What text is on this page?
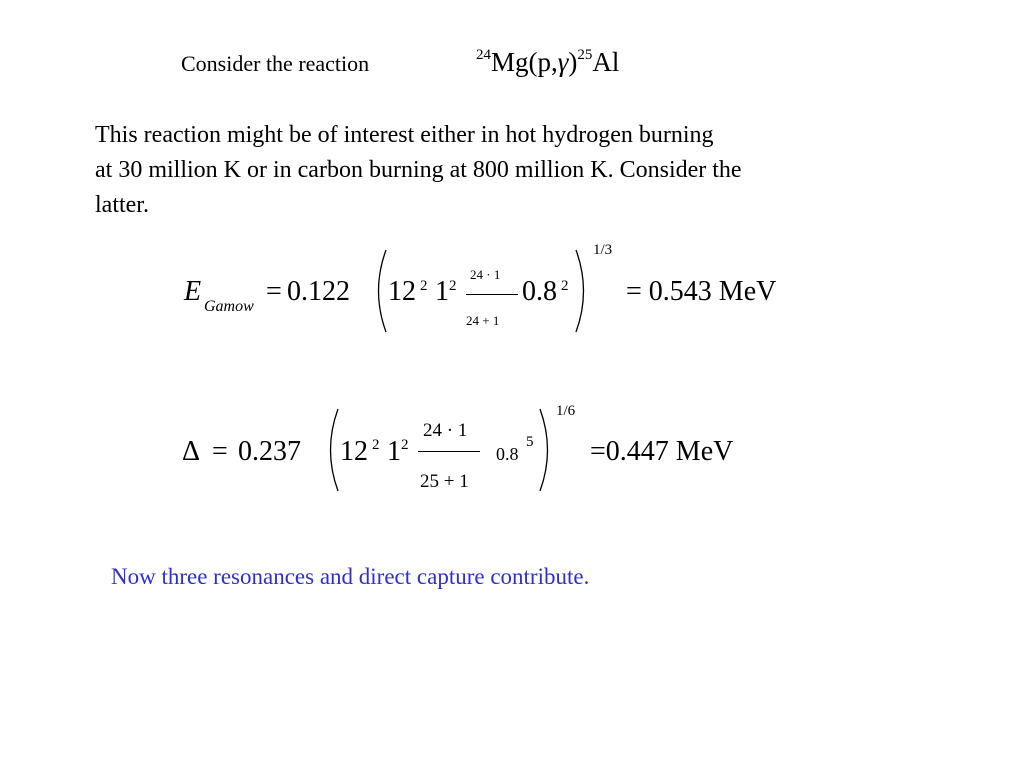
Consider the reaction	$^{24}Mg(p,\gamma)^{25}Al$
This reaction might be of interest either in hot hydrogen burning
at 30 million K or in carbon burning at 800 million K. Consider the
latter.
E Gamow = 0.122 12 2 1 2
24 · 1
24 + 1
0.8 2
1/3
= 0.543 MeV
Δ = 0.237 12 2 1 2
24 · 1
25 + 1
0.8
5
1/6
=0.447 MeV
Now three resonances and direct capture contribute.
